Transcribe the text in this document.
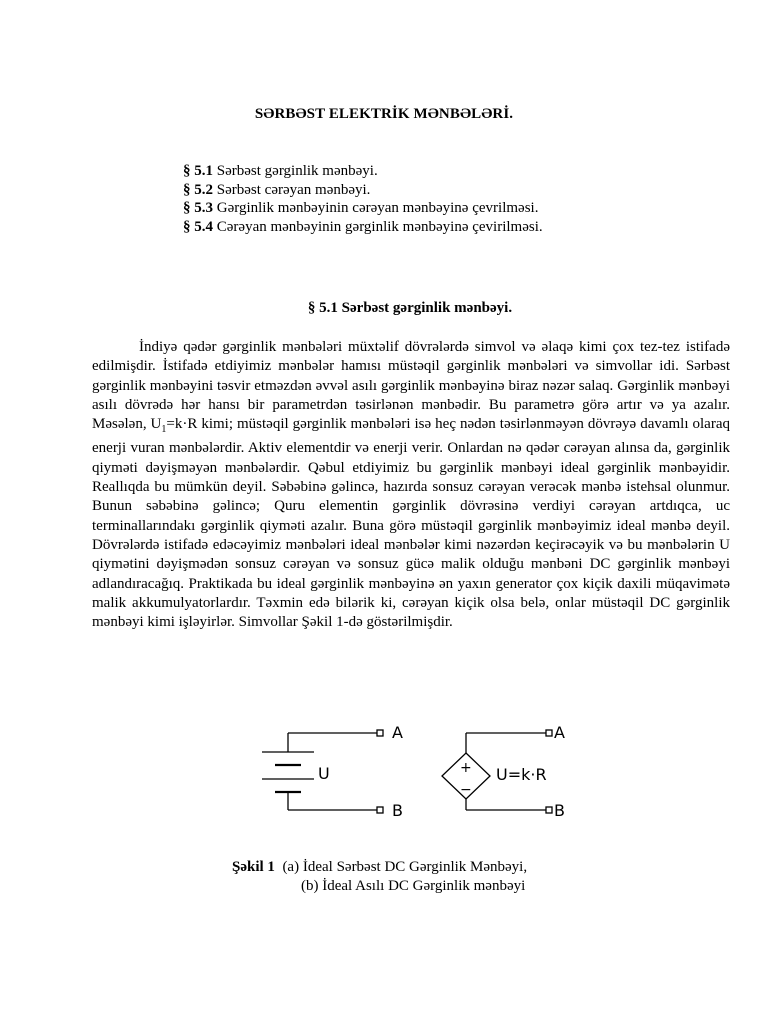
SƏRBƏST ELEKTRİK MƏNBƏLƏRİ.
§ 5.1 Sərbəst gərginlik mənbəyi.
§ 5.2 Sərbəst cərəyan mənbəyi.
§ 5.3 Gərginlik mənbəyinin cərəyan mənbəyinə çevrilməsi.
§ 5.4 Cərəyan mənbəyinin gərginlik mənbəyinə çevirilməsi.
§ 5.1 Sərbəst gərginlik mənbəyi.

İndiyə qədər gərginlik mənbələri müxtəlif dövrələrdə simvol və əlaqə kimi çox tez-tez istifadə edilmişdir. İstifadə etdiyimiz mənbələr hamısı müstəqil gərginlik mənbələri və simvollar idi. Sərbəst gərginlik mənbəyini təsvir etməzdən əvvəl asılı gərginlik mənbəyinə biraz nəzər salaq. Gərginlik mənbəyi asılı dövrədə hər hansı bir parametrdən təsirlənən mənbədir. Bu parametrə görə artır və ya azalır. Məsələn, $U_1=k\cdot R$ kimi; müstəqil gərginlik mənbələri isə heç nədən təsirlənməyən dövrəyə davamlı olaraq enerji vuran mənbələrdir. Aktiv elementdir və enerji verir. Onlardan nə qədər cərəyan alınsa da, gərginlik qiyməti dəyişməyən mənbələrdir. Qəbul etdiyimiz bu gərginlik mənbəyi ideal gərginlik mənbəyidir. Reallıqda bu mümkün deyil. Səbəbinə gəlincə, hazırda sonsuz cərəyan verəcək mənbə istehsal olunmur. Bunun səbəbinə gəlincə; Quru elementin gərginlik dövrəsinə verdiyi cərəyan artdıqca, uc terminallarındakı gərginlik qiyməti azalır. Buna görə müstəqil gərginlik mənbəyimiz ideal mənbə deyil. Dövrələrdə istifadə edəcəyimiz mənbələri ideal mənbələr kimi nəzərdən keçirəcəyik və bu mənbələrin U qiymətini dəyişmədən sonsuz cərəyan və sonsuz gücə malik olduğu mənbəni DC gərginlik mənbəyi adlandıracağıq. Praktikada bu ideal gərginlik mənbəyinə ən yaxın generator çox kiçik daxili müqavimətə malik akkumulyatorlardır. Təxmin edə bilərik ki, cərəyan kiçik olsa belə, onlar müstəqil DC gərginlik mənbəyi kimi işləyirlər. Simvollar Şəkil 1-də göstərilmişdir.

A
B
U	+
−
A
B
U=k·R
Şəkil 1 (a) İdeal Sərbəst DC Gərginlik Mənbəyi,
(b) İdeal Asılı DC Gərginlik mənbəyi
